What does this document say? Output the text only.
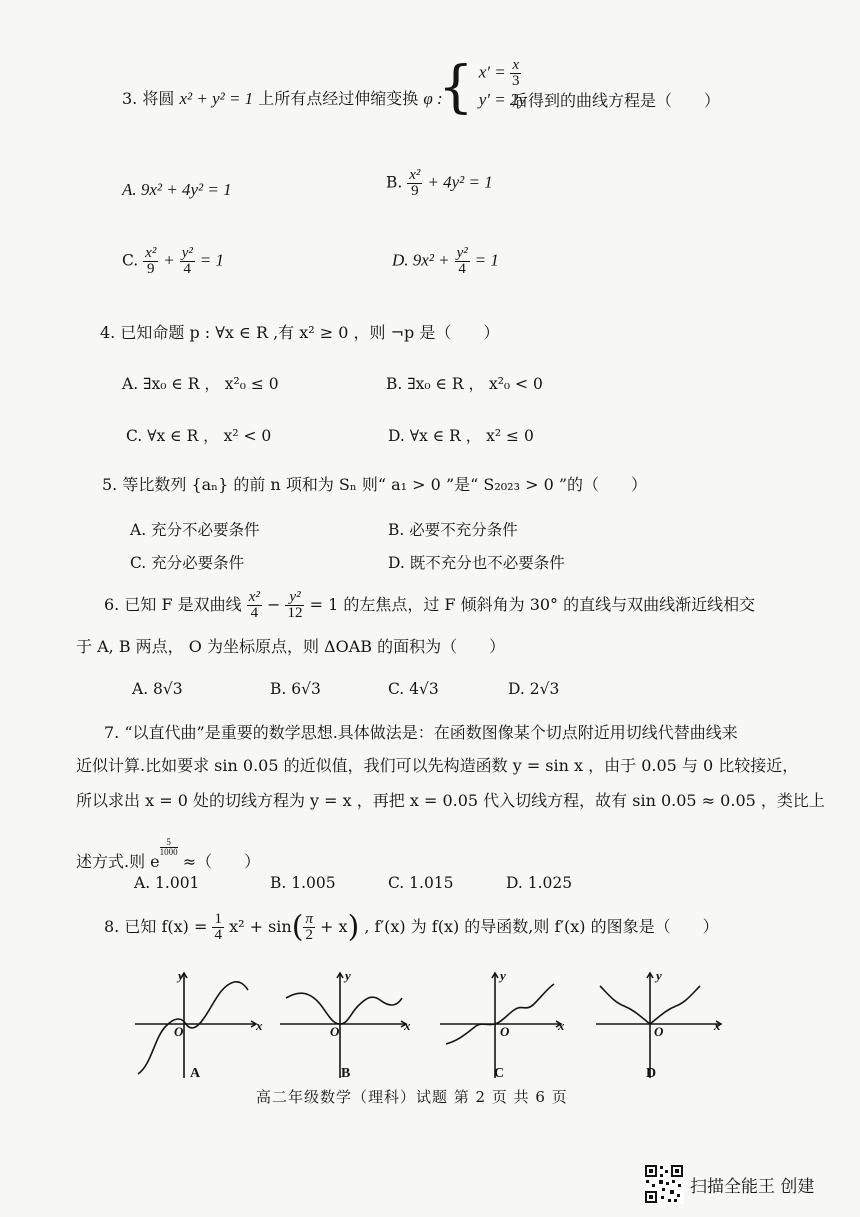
3. 将圆 x² + y² = 1 上所有点经过伸缩变换 φ :
{ $x' = \frac{x}{3}$
y′ = 2y
后得到的曲线方程是（　　）
A. 9x² + 4y² = 1	B. $\frac{\text{x²}}{9} + 4y^2 = 1$
C. $\frac{\text{x²}}{9} + \frac{\text{y²}}{4} = 1$	D. $9x^2 + \frac{\text{y²}}{4} = 1$
4. 已知命题 p : ∀x ∈ R ,有 x² ≥ 0 ，则 ¬p 是（　　）
A. ∃x₀ ∈ R ， x²₀ ≤ 0	B. ∃x₀ ∈ R ， x²₀ < 0
C. ∀x ∈ R ， x² < 0	D. ∀x ∈ R ， x² ≤ 0
5. 等比数列 {aₙ} 的前 n 项和为 Sₙ 则“ a₁ > 0 ”是“ S₂₀₂₃ > 0 ”的（　　）
A. 充分不必要条件	B. 必要不充分条件
C. 充分必要条件	D. 既不充分也不必要条件
6. 已知 F 是双曲线 $\frac{\text{x²}}{4} - \frac{\text{y²}}{12} = 1$ 的左焦点，过 F 倾斜角为 30° 的直线与双曲线渐近线相交
于 A, B 两点， O 为坐标原点，则 ΔOAB 的面积为（　　）
A. 8√3	B. 6√3	C. 4√3	D. 2√3
7. “以直代曲”是重要的数学思想.具体做法是：在函数图像某个切点附近用切线代替曲线来
近似计算.比如要求 sin 0.05 的近似值，我们可以先构造函数 y = sin x ，由于 0.05 与 0 比较接近，
所以求出 x = 0 处的切线方程为 y = x ，再把 x = 0.05 代入切线方程，故有 sin 0.05 ≈ 0.05 ，类比上
述方式.则 e
$\frac{5}{1000}$
≈（　　）
A. 1.001	B. 1.005	C. 1.015	D. 1.025
8. 已知 $f(x) = \frac{1}{4} x^2 + \sin( \frac{\pi}{2} + x)$ , f′(x) 为 f(x) 的导函数,则 f′(x) 的图象是（　　）
y
x
O
A
y
x
O
B
y
x
O
C
y
x
O
D
高二年级数学（理科）试题 第 2 页 共 6 页
扫描全能王 创建
